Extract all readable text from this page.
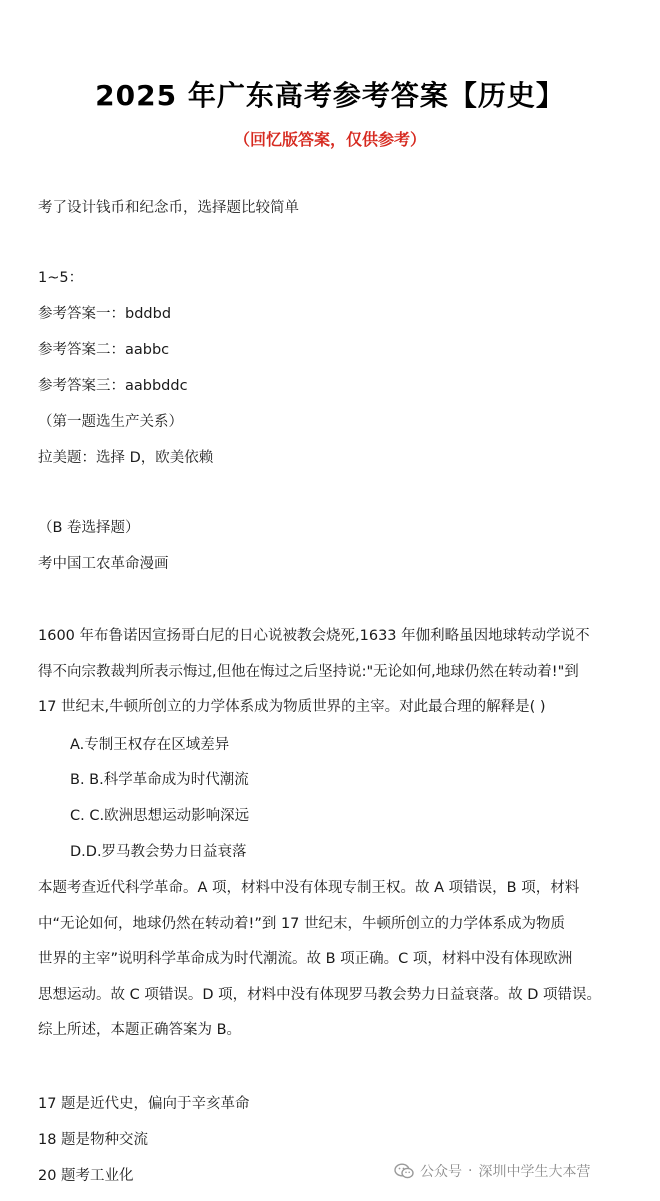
2025 年广东高考参考答案【历史】
（回忆版答案，仅供参考）
考了设计钱币和纪念币，选择题比较简单
1~5：
参考答案一：bddbd
参考答案二：aabbc
参考答案三：aabbddc
（第一题选生产关系）
拉美题：选择 D，欧美依赖
（B 卷选择题）
考中国工农革命漫画
1600 年布鲁诺因宣扬哥白尼的日心说被教会烧死,1633 年伽利略虽因地球转动学说不
得不向宗教裁判所表示悔过,但他在悔过之后坚持说:"无论如何,地球仍然在转动着!"到
17 世纪末,牛顿所创立的力学体系成为物质世界的主宰。对此最合理的解释是( )
A.专制王权存在区域差异
B. B.科学革命成为时代潮流
C. C.欧洲思想运动影响深远
D.D.罗马教会势力日益衰落
本题考查近代科学革命。A 项，材料中没有体现专制王权。故 A 项错误，B 项，材料
中“无论如何，地球仍然在转动着!”到 17 世纪末，牛顿所创立的力学体系成为物质
世界的主宰”说明科学革命成为时代潮流。故 B 项正确。C 项，材料中没有体现欧洲
思想运动。故 C 项错误。D 项，材料中没有体现罗马教会势力日益衰落。故 D 项错误。
综上所述，本题正确答案为 B。
17 题是近代史，偏向于辛亥革命
18 题是物种交流
20 题考工业化	公众号 · 深圳中学生大本营
